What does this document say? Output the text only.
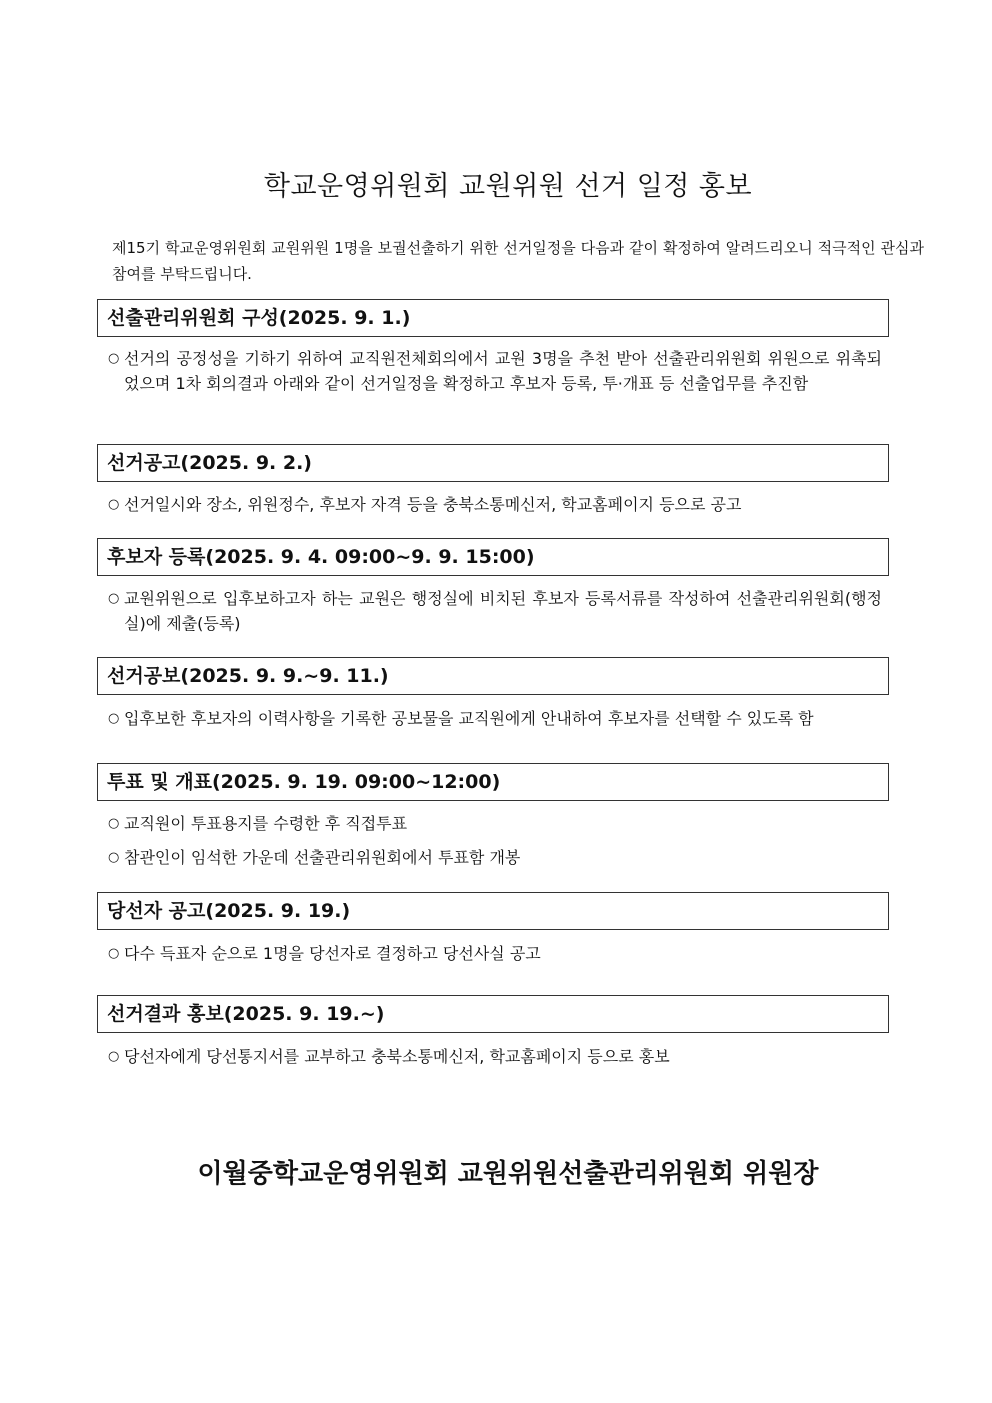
학교운영위원회 교원위원 선거 일정 홍보

제15기 학교운영위원회 교원위원 1명을 보궐선출하기 위한 선거일정을 다음과 같이 확정하여 알려드리오니 적극적인 관심과 참여를 부탁드립니다.

선출관리위원회 구성(2025. 9. 1.)
○ 선거의 공정성을 기하기 위하여 교직원전체회의에서 교원 3명을 추천 받아 선출관리위원회 위원으로 위촉되었으며 1차 회의결과 아래와 같이 선거일정을 확정하고 후보자 등록, 투·개표 등 선출업무를 추진함
선거공고(2025. 9. 2.)
○ 선거일시와 장소, 위원정수, 후보자 자격 등을 충북소통메신저, 학교홈페이지 등으로 공고
후보자 등록(2025. 9. 4. 09:00~9. 9. 15:00)
○ 교원위원으로 입후보하고자 하는 교원은 행정실에 비치된 후보자 등록서류를 작성하여 선출관리위원회(행정실)에 제출(등록)
선거공보(2025. 9. 9.~9. 11.)
○ 입후보한 후보자의 이력사항을 기록한 공보물을 교직원에게 안내하여 후보자를 선택할 수 있도록 함
투표 및 개표(2025. 9. 19. 09:00~12:00)
○ 교직원이 투표용지를 수령한 후 직접투표
○ 참관인이 임석한 가운데 선출관리위원회에서 투표함 개봉
당선자 공고(2025. 9. 19.)
○ 다수 득표자 순으로 1명을 당선자로 결정하고 당선사실 공고
선거결과 홍보(2025. 9. 19.~)
○ 당선자에게 당선통지서를 교부하고 충북소통메신저, 학교홈페이지 등으로 홍보

이월중학교운영위원회 교원위원선출관리위원회 위원장
